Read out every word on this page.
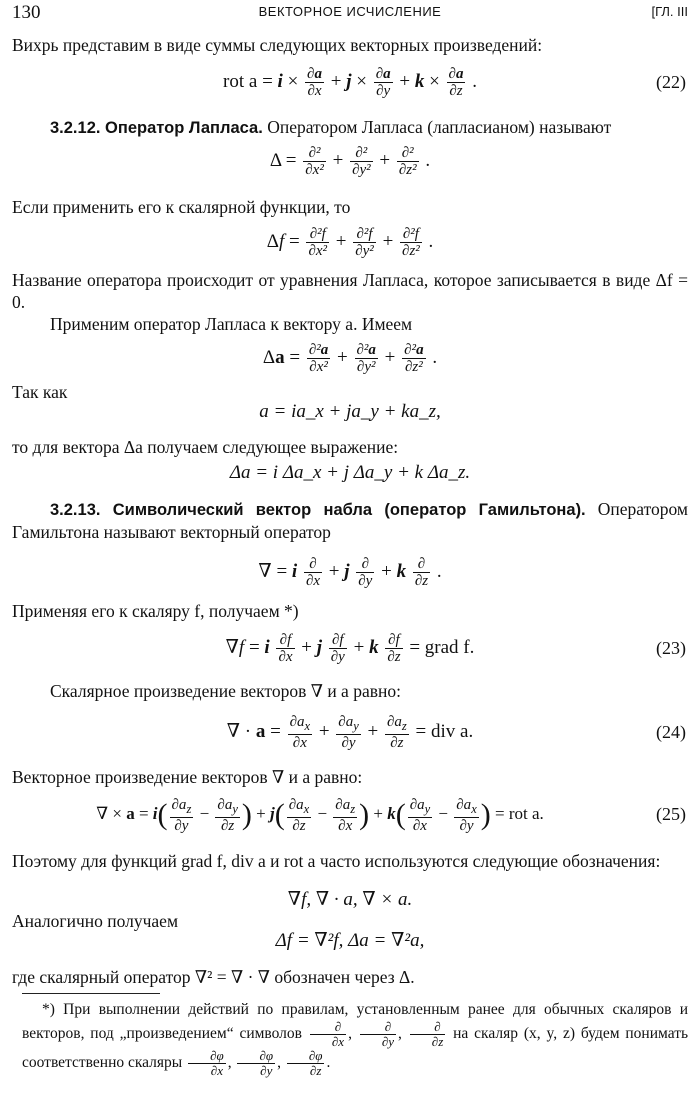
130	ВЕКТОРНОЕ ИСЧИСЛЕНИЕ	[ГЛ. III
Вихрь представим в виде суммы следующих векторных произведений:
rot $a = i \times \frac{\partial a}{\partial x} + j \times \frac{\partial a}{\partial y} + k \times \frac{\partial a}{\partial z}$ .	(22)
3.2.12. Оператор Лапласа. Оператором Лапласа (лапласианом) называют
$\Delta = \frac{\text{∂²}}{\text{∂x²}} + \frac{\text{∂²}}{\text{∂y²}} + \frac{\text{∂²}}{\text{∂z²}}$ .
Если применить его к скалярной функции, то
$\Delta f = \frac{\text{∂²f}}{\text{∂x²}} + \frac{\text{∂²f}}{\text{∂y²}} + \frac{\text{∂²f}}{\text{∂z²}}$ .
Название оператора происходит от уравнения Лапласа, которое записывается в виде Δf = 0.
Применим оператор Лапласа к вектору a. Имеем
$\Delta a = \frac{\text{∂²a}}{\text{∂x²}} + \frac{\text{∂²a}}{\text{∂y²}} + \frac{\text{∂²a}}{\text{∂z²}}$ .
Так как
a = ia_x + ja_y + ka_z,
то для вектора Δa получаем следующее выражение:
Δa = i Δa_x + j Δa_y + k Δa_z.
3.2.13. Символический вектор набла (оператор Гамильтона). Оператором Гамильтона называют векторный оператор
∇ = i $\frac{\partial}{\partial x} + j \frac{\partial}{\partial y} + k \frac{\partial}{\partial z}$ .
Применяя его к скаляру f, получаем *)
∇f = i $\frac{\partial f}{\partial x} + j \frac{\partial f}{\partial y} + k \frac{\partial f}{\partial z}$ = grad f.	(23)
Скалярное произведение векторов ∇ и a равно:
∇ · $a = \frac{\partial a_x}{\partial x} + \frac{\partial a_y}{\partial y} + \frac{\partial a_z}{\partial z}$ = div a.	(24)
Векторное произведение векторов ∇ и a равно:
∇ × $a = i( \frac{\partial a_z}{\partial y} - \frac{\partial a_y}{\partial z}$ ) + $j( \frac{\partial a_x}{\partial z} - \frac{\partial a_z}{\partial x}$ ) + $k( \frac{\partial a_y}{\partial x} - \frac{\partial a_x}{\partial y}$ ) = rot a.	(25)
Поэтому для функций grad f, div a и rot a часто используются следующие обозначения:
∇f, ∇ · a, ∇ × a.
Аналогично получаем
Δf = ∇²f, Δa = ∇²a,
где скалярный оператор ∇² = ∇ · ∇ обозначен через Δ.
*) При выполнении действий по правилам, установленным ранее для обычных скаляров и векторов, под „произведением“ символов $\frac{\partial}{\partial x}$ , $\frac{\partial}{\partial y}$ , $\frac{\partial}{\partial z}$ на скаляр (x, y, z) будем понимать соответственно скаляры $\frac{\partial\varphi}{\partial x}$ , $\frac{\partial\varphi}{\partial y}$ , $\frac{\partial\varphi}{\partial z}$ .
